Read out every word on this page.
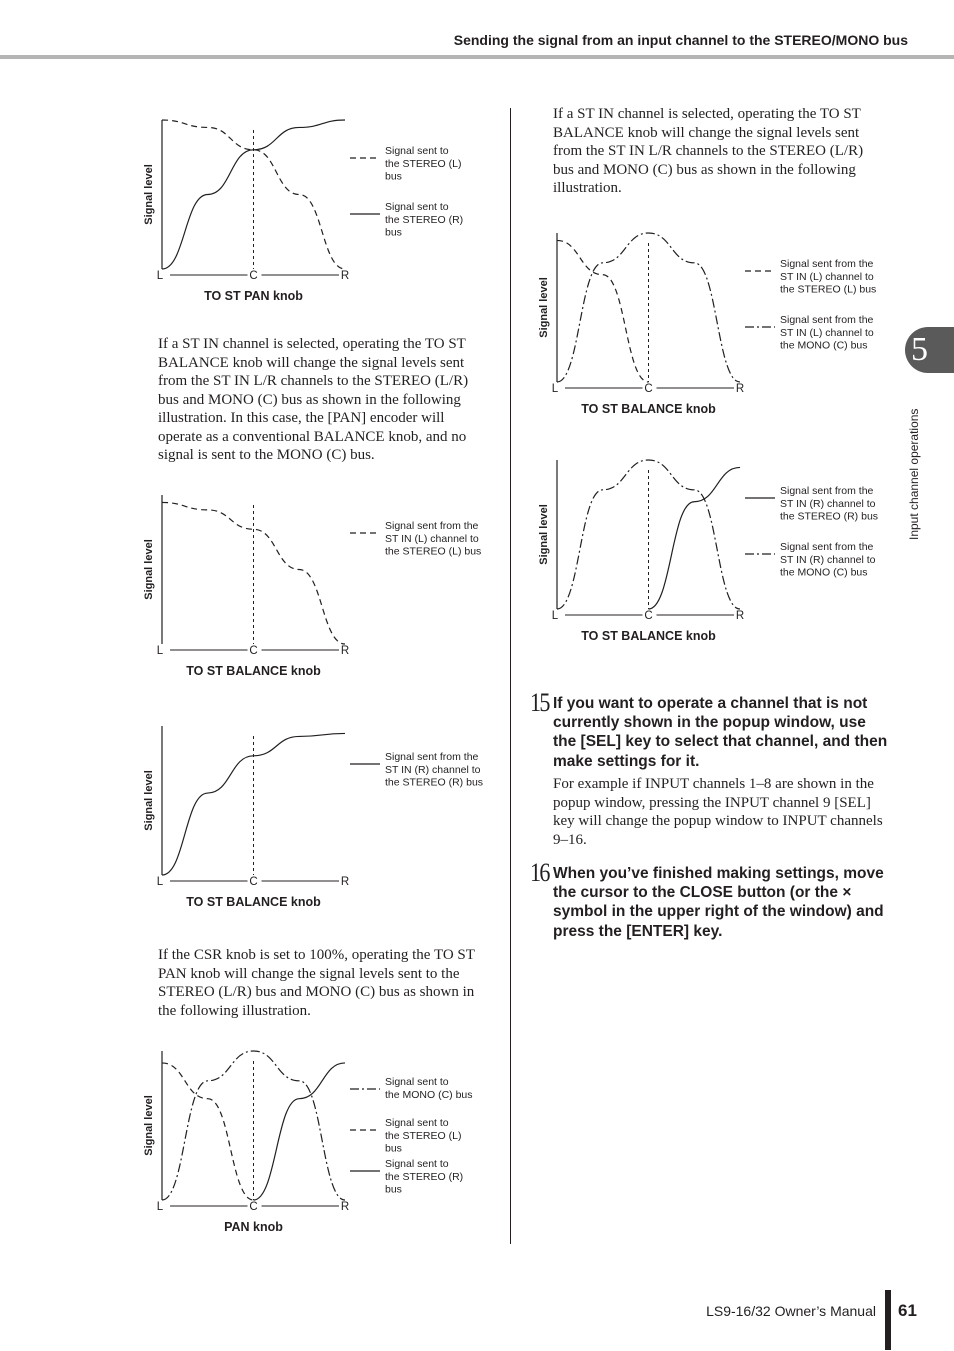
Sending the signal from an input channel to the STEREO/MONO bus
L	C	R
Signal level
TO ST PAN knob
Signal sent to the STEREO (L) bus
Signal sent to the STEREO (R) bus
L	C	R
Signal level
TO ST BALANCE knob
Signal sent from the ST IN (L) channel to the STEREO (L) bus
L	C	R
Signal level
TO ST BALANCE knob
Signal sent from the ST IN (R) channel to the STEREO (R) bus
L	C	R
Signal level
PAN knob
Signal sent to the MONO (C) bus
Signal sent to the STEREO (L) bus
Signal sent to the STEREO (R) bus
L	C	R
Signal level
TO ST BALANCE knob
Signal sent from the ST IN (L) channel to the STEREO (L) bus
Signal sent from the ST IN (L) channel to the MONO (C) bus
L	C	R
Signal level
TO ST BALANCE knob
Signal sent from the ST IN (R) channel to the STEREO (R) bus
Signal sent from the ST IN (R) channel to the MONO (C) bus
If a ST IN channel is selected, operating the TO ST BALANCE knob will change the signal levels sent from the ST IN L/R channels to the STEREO (L/R) bus and MONO (C) bus as shown in the following illustration. In this case, the [PAN] encoder will operate as a conventional BALANCE knob, and no signal is sent to the MONO (C) bus.
If the CSR knob is set to 100%, operating the TO ST PAN knob will change the signal levels sent to the STEREO (L/R) bus and MONO (C) bus as shown in the following illustration.
If a ST IN channel is selected, operating the TO ST BALANCE knob will change the signal levels sent from the ST IN L/R channels to the STEREO (L/R) bus and MONO (C) bus as shown in the following illustration.
15 If you want to operate a channel that is not currently shown in the popup window, use the [SEL] key to select that channel, and then make settings for it.
For example if INPUT channels 1–8 are shown in the popup window, pressing the INPUT channel 9 [SEL] key will change the popup window to INPUT channels 9–16.
16 When you’ve finished making settings, move the cursor to the CLOSE button (or the × symbol in the upper right of the window) and press the [ENTER] key.
5
Input channel operations
LS9-16/32 Owner’s Manual 61
